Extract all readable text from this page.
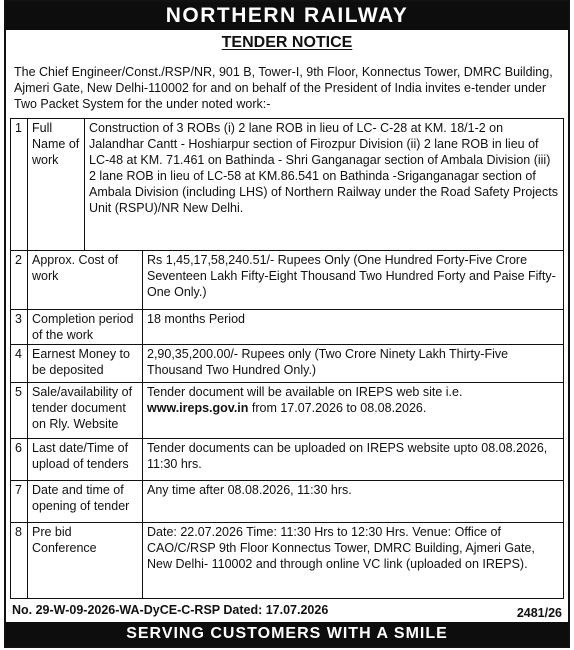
NORTHERN RAILWAY
TENDER NOTICE
The Chief Engineer/Const./RSP/NR, 901 B, Tower-I, 9th Floor, Konnectus Tower, DMRC Building, Ajmeri Gate, New Delhi-110002 for and on behalf of the President of India invites e-tender under Two Packet System for the under noted work:-
1	Full Name of work	Construction of 3 ROBs (i) 2 lane ROB in lieu of LC- C-28 at KM. 18/1-2 on Jalandhar Cantt - Hoshiarpur section of Firozpur Division (ii) 2 lane ROB in lieu of LC-48 at KM. 71.461 on Bathinda - Shri Ganganagar section of Ambala Division (iii) 2 lane ROB in lieu of LC-58 at KM.86.541 on Bathinda -Sriganganagar section of Ambala Division (including LHS) of Northern Railway under the Road Safety Projects Unit (RSPU)/NR New Delhi.	
2	Approx. Cost of work		Rs 1,45,17,58,240.51/- Rupees Only (One Hundred Forty-Five Crore Seventeen Lakh Fifty-Eight Thousand Two Hundred Forty and Paise Fifty- One Only.)
3	Completion period of the work		18 months Period
4	Earnest Money to be deposited		2,90,35,200.00/- Rupees only (Two Crore Ninety Lakh Thirty-Five Thousand Two Hundred Only.)
5	Sale/availability of tender document on Rly. Website		Tender document will be available on IREPS web site i.e. www.ireps.gov.in from 17.07.2026 to 08.08.2026.
6	Last date/Time of upload of tenders		Tender documents can be uploaded on IREPS website upto 08.08.2026, 11:30 hrs.
7	Date and time of opening of tender		Any time after 08.08.2026, 11:30 hrs.
8	Pre bid Conference		Date: 22.07.2026 Time: 11:30 Hrs to 12:30 Hrs. Venue: Office of CAO/C/RSP 9th Floor Konnectus Tower, DMRC Building, Ajmeri Gate, New Delhi- 110002 and through online VC link (uploaded on IREPS).
No. 29-W-09-2026-WA-DyCE-C-RSP Dated: 17.07.2026	2481/26
SERVING CUSTOMERS WITH A SMILE
